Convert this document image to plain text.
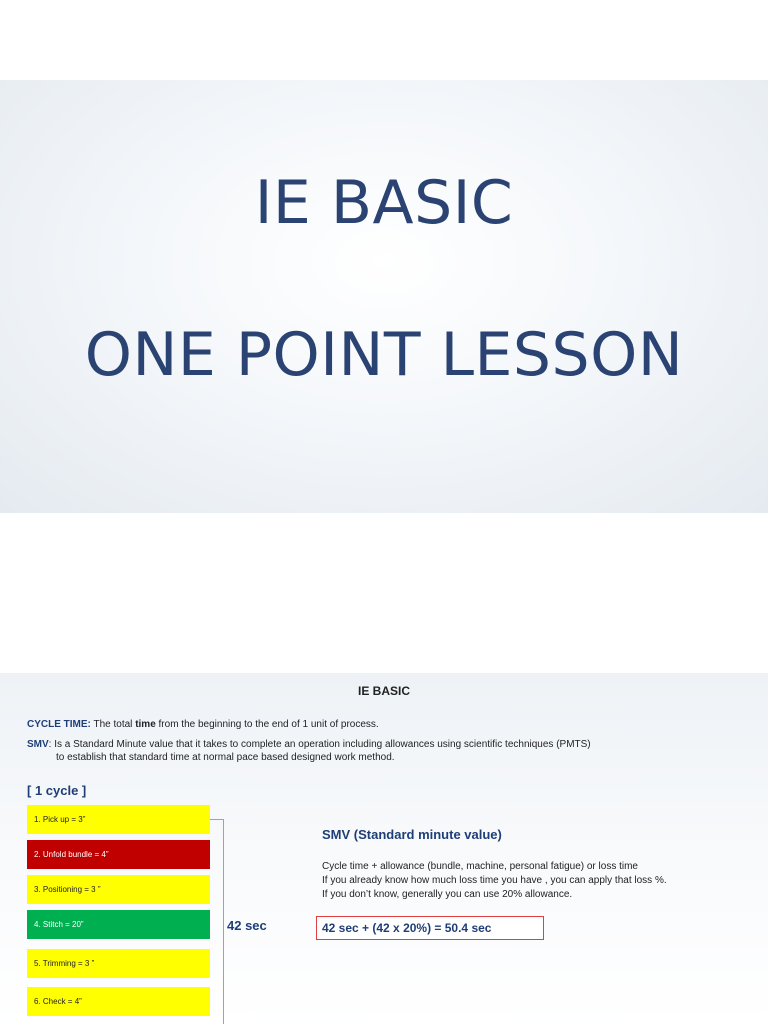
IE BASIC
ONE POINT LESSON
IE BASIC
CYCLE TIME: The total time from the beginning to the end of 1 unit of process.
SMV: Is a Standard Minute value that it takes to complete an operation including allowances using scientific techniques (PMTS)
to establish that standard time at normal pace based designed work method.
[ 1 cycle ]
1. Pick up = 3”
2. Unfold bundle = 4”
3. Positioning = 3 ”
4. Stitch = 20”
5. Trimming = 3 ”
6. Check = 4”
42 sec
SMV (Standard minute value)
Cycle time + allowance (bundle, machine, personal fatigue) or loss time
If you already know how much loss time you have , you can apply that loss %.
If you don’t know, generally you can use 20% allowance.
42 sec + (42 x 20%) = 50.4 sec
